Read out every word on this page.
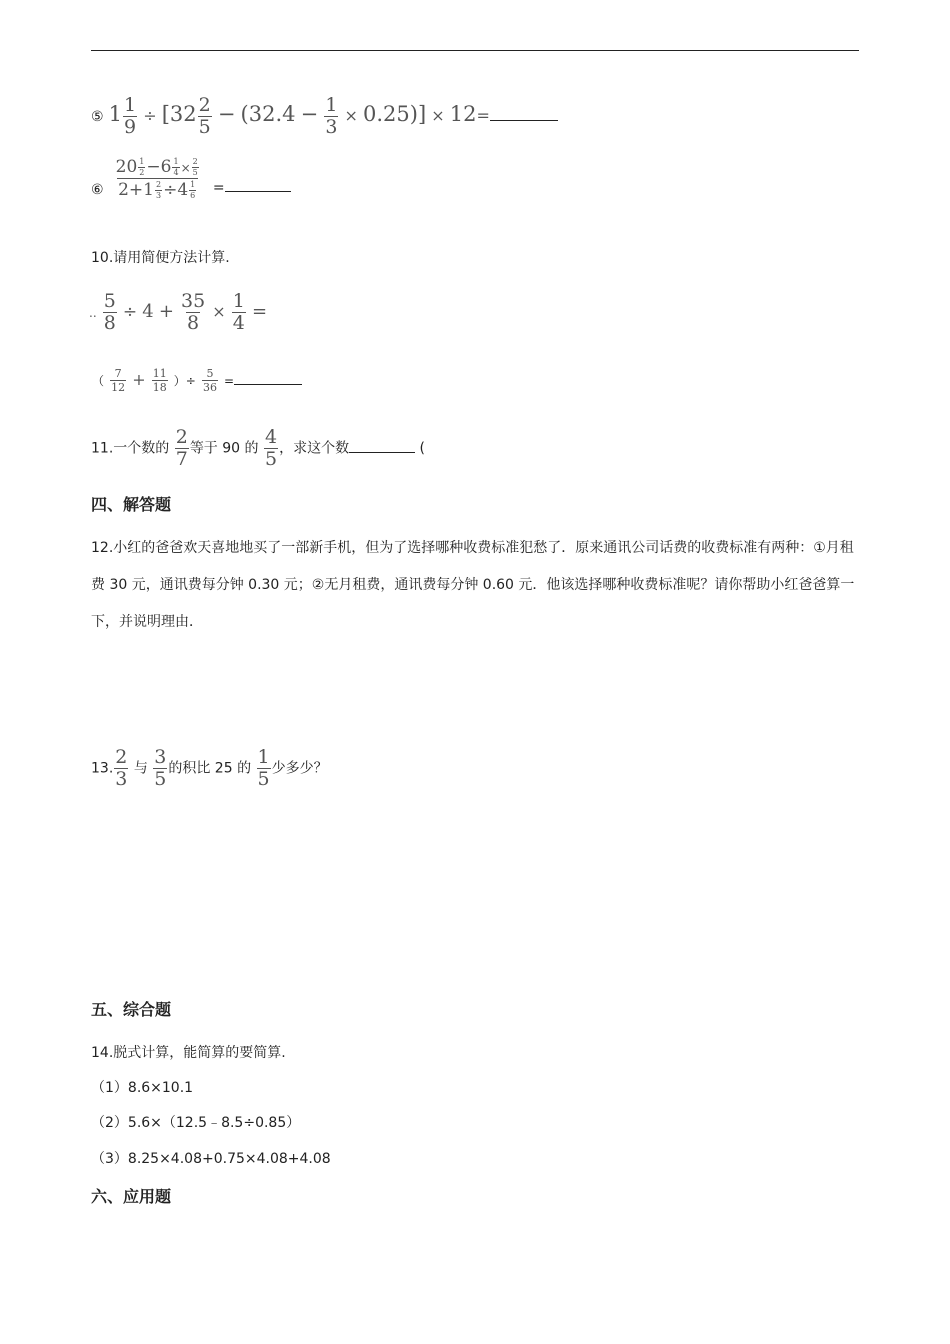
⑤ $1 \frac{1}{9} \div [32 \frac{2}{5} - (32.4 - \frac{1}{3} \times 0.25)] \times 12=$
⑥ $\frac{20 \frac{1}{2} -6 \frac{1}{4} \times \frac{2}{5}}{2+1 \frac{2}{3} \div 4 \frac{1}{6}}$ =
10.请用简便方法计算.
.. $\frac{5}{8} \div 4 + \frac{35}{8} \times \frac{1}{4}$ =
（ $\frac{7}{12} + \frac{11}{18}$ ）÷ $\frac{5}{36}$ =
11.一个数的 $\frac{2}{7}$ 等于 90 的 $\frac{4}{5}$ ，求这个数	(
四、解答题
12.小红的爸爸欢天喜地地买了一部新手机，但为了选择哪种收费标准犯愁了．原来通讯公司话费的收费标准有两种：①月租费 30 元，通讯费每分钟 0.30 元；②无月租费，通讯费每分钟 0.60 元．他该选择哪种收费标准呢？请你帮助小红爸爸算一下，并说明理由．
13. $\frac{2}{3}$ 与 $\frac{3}{5}$ 的积比 25 的 $\frac{1}{5}$ 少多少？
五、综合题
14.脱式计算，能简算的要简算.
（1）8.6×10.1
（2）5.6×（12.5﹣8.5÷0.85）
（3）8.25×4.08+0.75×4.08+4.08
六、应用题
